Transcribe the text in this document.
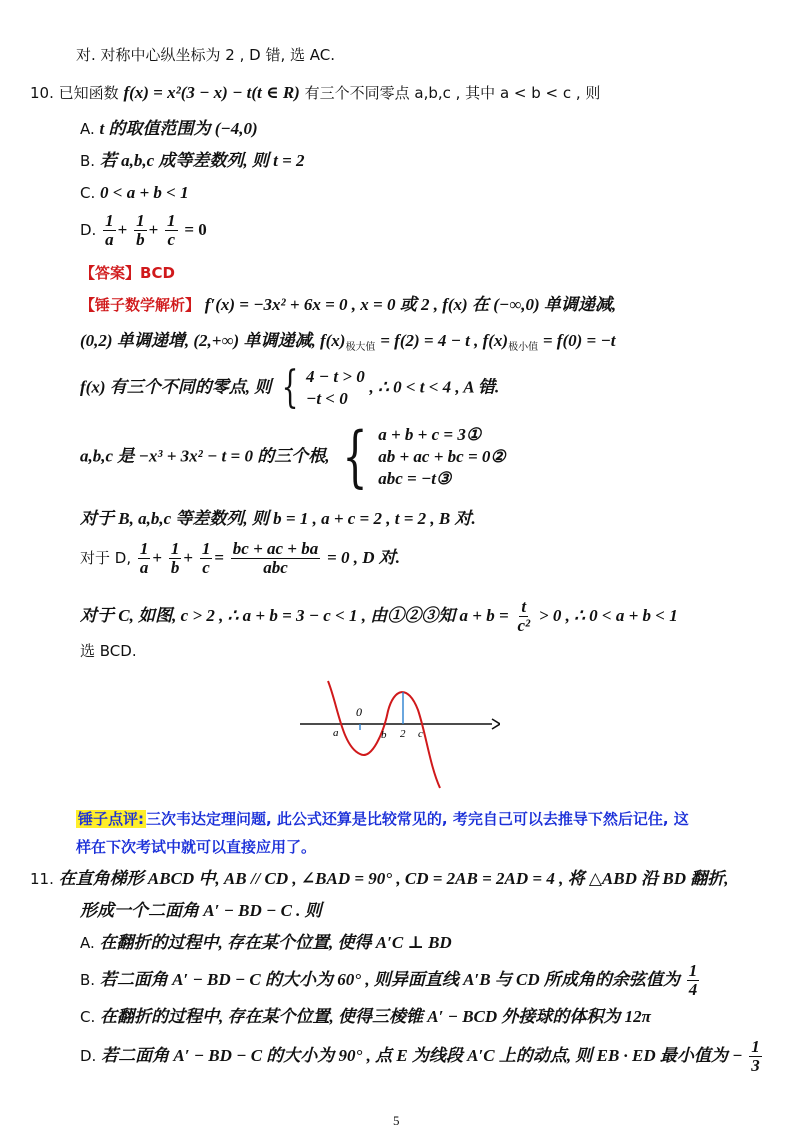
对. 对称中心纵坐标为 2 , D 错, 选 AC.
10. 已知函数 f(x) = x²(3 − x) − t(t ∈ R) 有三个不同零点 a,b,c , 其中 a < b < c , 则
A. t 的取值范围为 (−4,0)
B. 若 a,b,c 成等差数列, 则 t = 2
C. 0 < a + b < 1
D. $\frac{1}{a} + \frac{1}{b} + \frac{1}{c} = 0$
【答案】BCD
【锤子数学解析】 f′(x) = −3x² + 6x = 0 , x = 0 或 2 , f(x) 在 (−∞,0) 单调递减,
(0,2) 单调递增, (2,+∞) 单调递减, $f(x)_{极大值} = f(2) = 4 - t$ , $f(x)_{极小值} = f(0) = -t$
f(x) 有三个不同的零点, 则 { 4 − t > 0
−t < 0
, ∴ 0 < t < 4 , A 错.
a,b,c 是 −x³ + 3x² − t = 0 的三个根, { a + b + c = 3①
ab + ac + bc = 0②
abc = −t③
对于 B, a,b,c 等差数列, 则 b = 1 , a + c = 2 , t = 2 , B 对.
对于 D, $\frac{1}{a} + \frac{1}{b} + \frac{1}{c} = \frac{bc + ac + ba}{\text{abc}} = 0$ , D 对.
对于 C, 如图, c > 2 , ∴ a + b = 3 − c < 1 , 由①②③知 $a + b = \frac{t}{\text{c²}} > 0$ , ∴ 0 < a + b < 1
选 BCD.
0
a	b 2 c
锤子点评: 三次韦达定理问题, 此公式还算是比较常见的, 考完自己可以去推导下然后记住, 这
样在下次考试中就可以直接应用了。
11. 在直角梯形 ABCD 中, AB // CD , ∠BAD = 90° , CD = 2AB = 2AD = 4 , 将 △ABD 沿 BD 翻折,
形成一个二面角 A′ − BD − C . 则
A. 在翻折的过程中, 存在某个位置, 使得 A′C ⊥ BD
B. 若二面角 A′ − BD − C 的大小为 60° , 则异面直线 A′B 与 CD 所成角的余弦值为 $\frac{1}{4}$
C. 在翻折的过程中, 存在某个位置, 使得三棱锥 A′ − BCD 外接球的体积为 12π
D. 若二面角 A′ − BD − C 的大小为 90° , 点 E 为线段 A′C 上的动点, 则 EB · ED 最小值为 − $\frac{1}{3}$
5
